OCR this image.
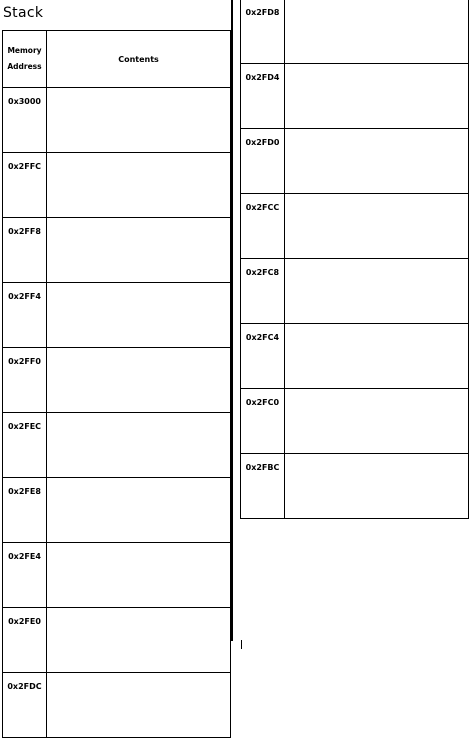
Stack
Memory
Address	Contents
0x3000	
0x2FFC	
0x2FF8	
0x2FF4	
0x2FF0	
0x2FEC	
0x2FE8	
0x2FE4	
0x2FE0	
0x2FDC	
0x2FD8	
0x2FD4	
0x2FD0	
0x2FCC	
0x2FC8	
0x2FC4	
0x2FC0	
0x2FBC	
